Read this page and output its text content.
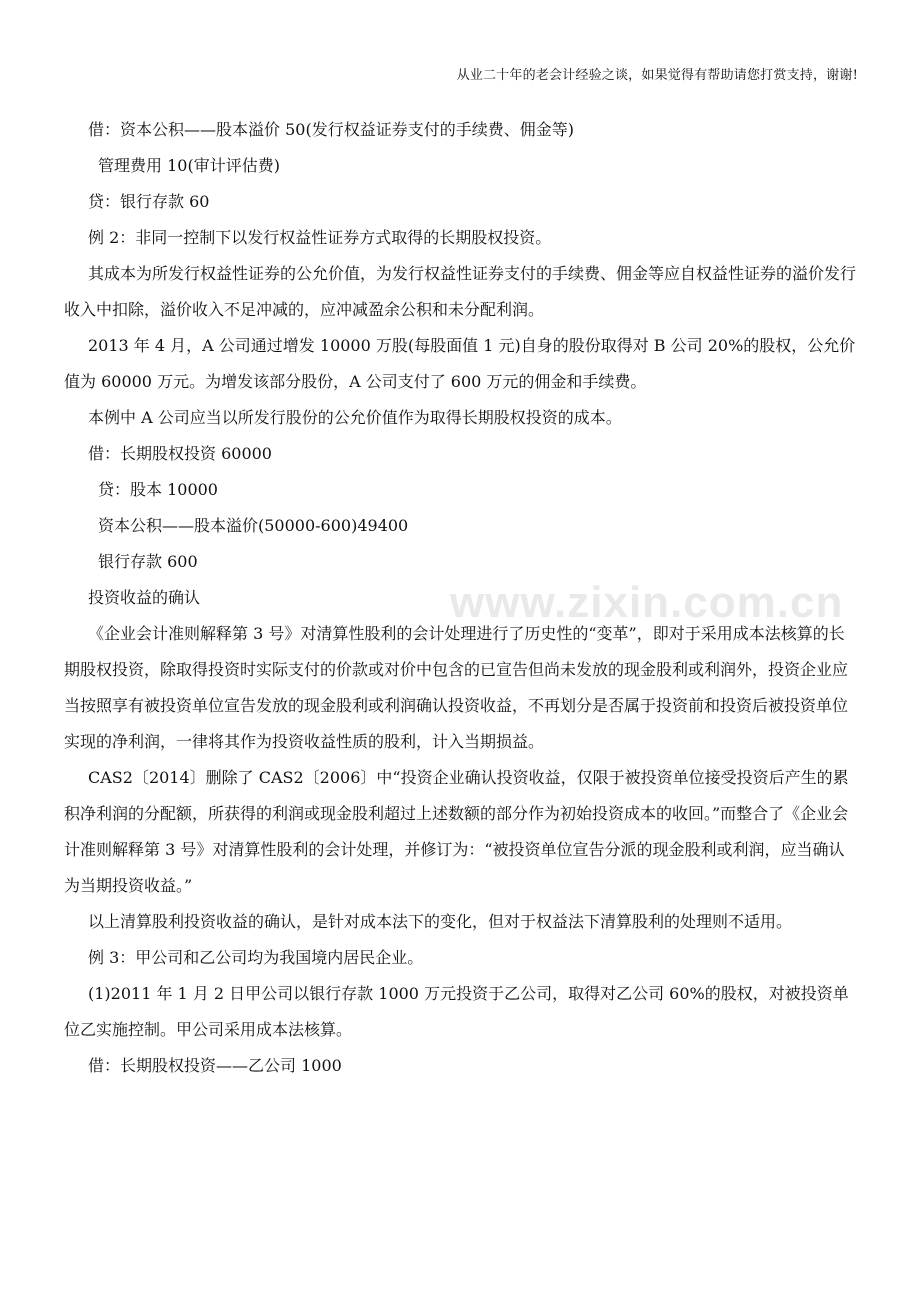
从业二十年的老会计经验之谈，如果觉得有帮助请您打赏支持，谢谢!
www.zixin.com.cn

借：资本公积——股本溢价 50(发行权益证券支付的手续费、佣金等)

管理费用 10(审计评估费)

贷：银行存款 60

例 2：非同一控制下以发行权益性证券方式取得的长期股权投资。

其成本为所发行权益性证券的公允价值，为发行权益性证券支付的手续费、佣金等应自权益性证券的溢价发行收入中扣除，溢价收入不足冲减的，应冲减盈余公积和未分配利润。

2013 年 4 月，A 公司通过增发 10000 万股(每股面值 1 元)自身的股份取得对 B 公司 20%的股权，公允价值为 60000 万元。为增发该部分股份，A 公司支付了 600 万元的佣金和手续费。

本例中 A 公司应当以所发行股份的公允价值作为取得长期股权投资的成本。

借：长期股权投资 60000

贷：股本 10000

资本公积——股本溢价(50000-600)49400

银行存款 600

投资收益的确认

《企业会计准则解释第 3 号》对清算性股利的会计处理进行了历史性的“变革”，即对于采用成本法核算的长期股权投资，除取得投资时实际支付的价款或对价中包含的已宣告但尚未发放的现金股利或利润外，投资企业应当按照享有被投资单位宣告发放的现金股利或利润确认投资收益，不再划分是否属于投资前和投资后被投资单位实现的净利润，一律将其作为投资收益性质的股利，计入当期损益。

CAS2〔2014〕删除了 CAS2〔2006〕中“投资企业确认投资收益，仅限于被投资单位接受投资后产生的累积净利润的分配额，所获得的利润或现金股利超过上述数额的部分作为初始投资成本的收回。”而整合了《企业会计准则解释第 3 号》对清算性股利的会计处理，并修订为：“被投资单位宣告分派的现金股利或利润，应当确认为当期投资收益。”

以上清算股利投资收益的确认，是针对成本法下的变化，但对于权益法下清算股利的处理则不适用。

例 3：甲公司和乙公司均为我国境内居民企业。

(1)2011 年 1 月 2 日甲公司以银行存款 1000 万元投资于乙公司，取得对乙公司 60%的股权，对被投资单位乙实施控制。甲公司采用成本法核算。

借：长期股权投资——乙公司 1000
